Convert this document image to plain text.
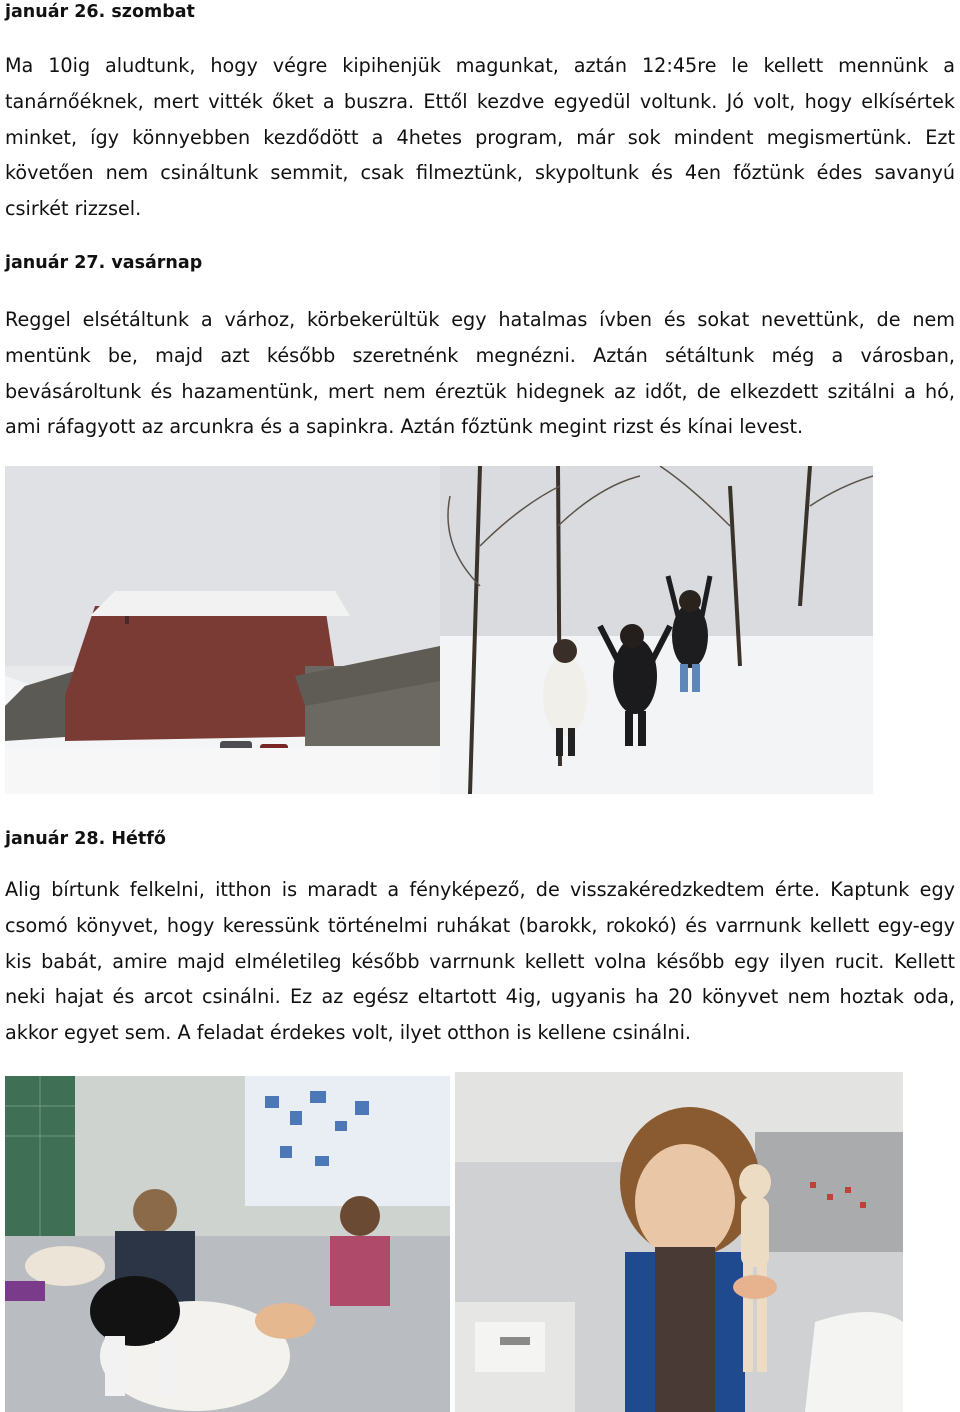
január 26. szombat
Ma 10ig aludtunk, hogy végre kipihenjük magunkat, aztán 12:45re le kellett mennünk a tanárnőéknek, mert vitték őket a buszra. Ettől kezdve egyedül voltunk. Jó volt, hogy elkísértek minket, így könnyebben kezdődött a 4hetes program, már sok mindent megismertünk. Ezt követően nem csináltunk semmit, csak filmeztünk, skypoltunk és 4en főztünk édes savanyú csirkét rizzsel.
január 27. vasárnap
Reggel elsétáltunk a várhoz, körbekerültük egy hatalmas ívben és sokat nevettünk, de nem mentünk be, majd azt később szeretnénk megnézni. Aztán sétáltunk még a városban, bevásároltunk és hazamentünk, mert nem éreztük hidegnek az időt, de elkezdett szitálni a hó, ami ráfagyott az arcunkra és a sapinkra. Aztán főztünk megint rizst és kínai levest.
január 28. Hétfő
Alig bírtunk felkelni, itthon is maradt a fényképező, de visszakéredzkedtem érte. Kaptunk egy csomó könyvet, hogy keressünk történelmi ruhákat (barokk, rokokó) és varrnunk kellett egy-egy kis babát, amire majd elméletileg később varrnunk kellett volna később egy ilyen rucit. Kellett neki hajat és arcot csinálni. Ez az egész eltartott 4ig, ugyanis ha 20 könyvet nem hoztak oda, akkor egyet sem. A feladat érdekes volt, ilyet otthon is kellene csinálni.
